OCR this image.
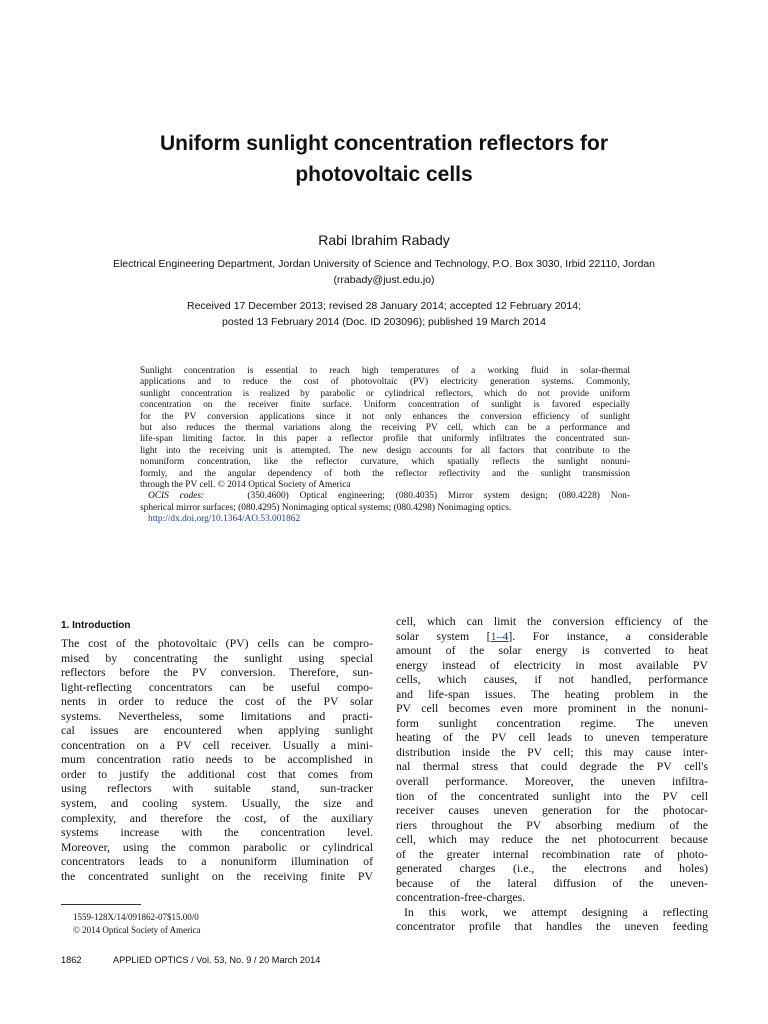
Uniform sunlight concentration reflectors for
photovoltaic cells
Rabi Ibrahim Rabady
Electrical Engineering Department, Jordan University of Science and Technology, P.O. Box 3030, Irbid 22110, Jordan
(rrabady@just.edu.jo)
Received 17 December 2013; revised 28 January 2014; accepted 12 February 2014;
posted 13 February 2014 (Doc. ID 203096); published 19 March 2014
Sunlight concentration is essential to reach high temperatures of a working fluid in solar-thermal
applications and to reduce the cost of photovoltaic (PV) electricity generation systems. Commonly,
sunlight concentration is realized by parabolic or cylindrical reflectors, which do not provide uniform
concentration on the receiver finite surface. Uniform concentration of sunlight is favored especially
for the PV conversion applications since it not only enhances the conversion efficiency of sunlight
but also reduces the thermal variations along the receiving PV cell, which can be a performance and
life-span limiting factor. In this paper a reflector profile that uniformly infiltrates the concentrated sun-
light into the receiving unit is attempted. The new design accounts for all factors that contribute to the
nonuniform concentration, like the reflector curvature, which spatially reflects the sunlight nonuni-
formly, and the angular dependency of both the reflector reflectivity and the sunlight transmission
through the PV cell. © 2014 Optical Society of America
OCIS codes:	(350.4600) Optical engineering; (080.4035) Mirror system design; (080.4228) Non-
spherical mirror surfaces; (080.4295) Nonimaging optical systems; (080.4298) Nonimaging optics.
http://dx.doi.org/10.1364/AO.53.001862
1. Introduction
The cost of the photovoltaic (PV) cells can be compro-
mised by concentrating the sunlight using special
reflectors before the PV conversion. Therefore, sun-
light-reflecting concentrators can be useful compo-
nents in order to reduce the cost of the PV solar
systems. Nevertheless, some limitations and practi-
cal issues are encountered when applying sunlight
concentration on a PV cell receiver. Usually a mini-
mum concentration ratio needs to be accomplished in
order to justify the additional cost that comes from
using reflectors with suitable stand, sun-tracker
system, and cooling system. Usually, the size and
complexity, and therefore the cost, of the auxiliary
systems increase with the concentration level.
Moreover, using the common parabolic or cylindrical
concentrators leads to a nonuniform illumination of
the concentrated sunlight on the receiving finite PV
cell, which can limit the conversion efficiency of the
solar system [1–4]. For instance, a considerable
amount of the solar energy is converted to heat
energy instead of electricity in most available PV
cells, which causes, if not handled, performance
and life-span issues. The heating problem in the
PV cell becomes even more prominent in the nonuni-
form sunlight concentration regime. The uneven
heating of the PV cell leads to uneven temperature
distribution inside the PV cell; this may cause inter-
nal thermal stress that could degrade the PV cell's
overall performance. Moreover, the uneven infiltra-
tion of the concentrated sunlight into the PV cell
receiver causes uneven generation for the photocar-
riers throughout the PV absorbing medium of the
cell, which may reduce the net photocurrent because
of the greater internal recombination rate of photo-
generated charges (i.e., the electrons and holes)
because of the lateral diffusion of the uneven-
concentration-free-charges.
In this work, we attempt designing a reflecting
concentrator profile that handles the uneven feeding
1559-128X/14/091862-07$15.00/0
© 2014 Optical Society of America
1862	APPLIED OPTICS / Vol. 53, No. 9 / 20 March 2014
